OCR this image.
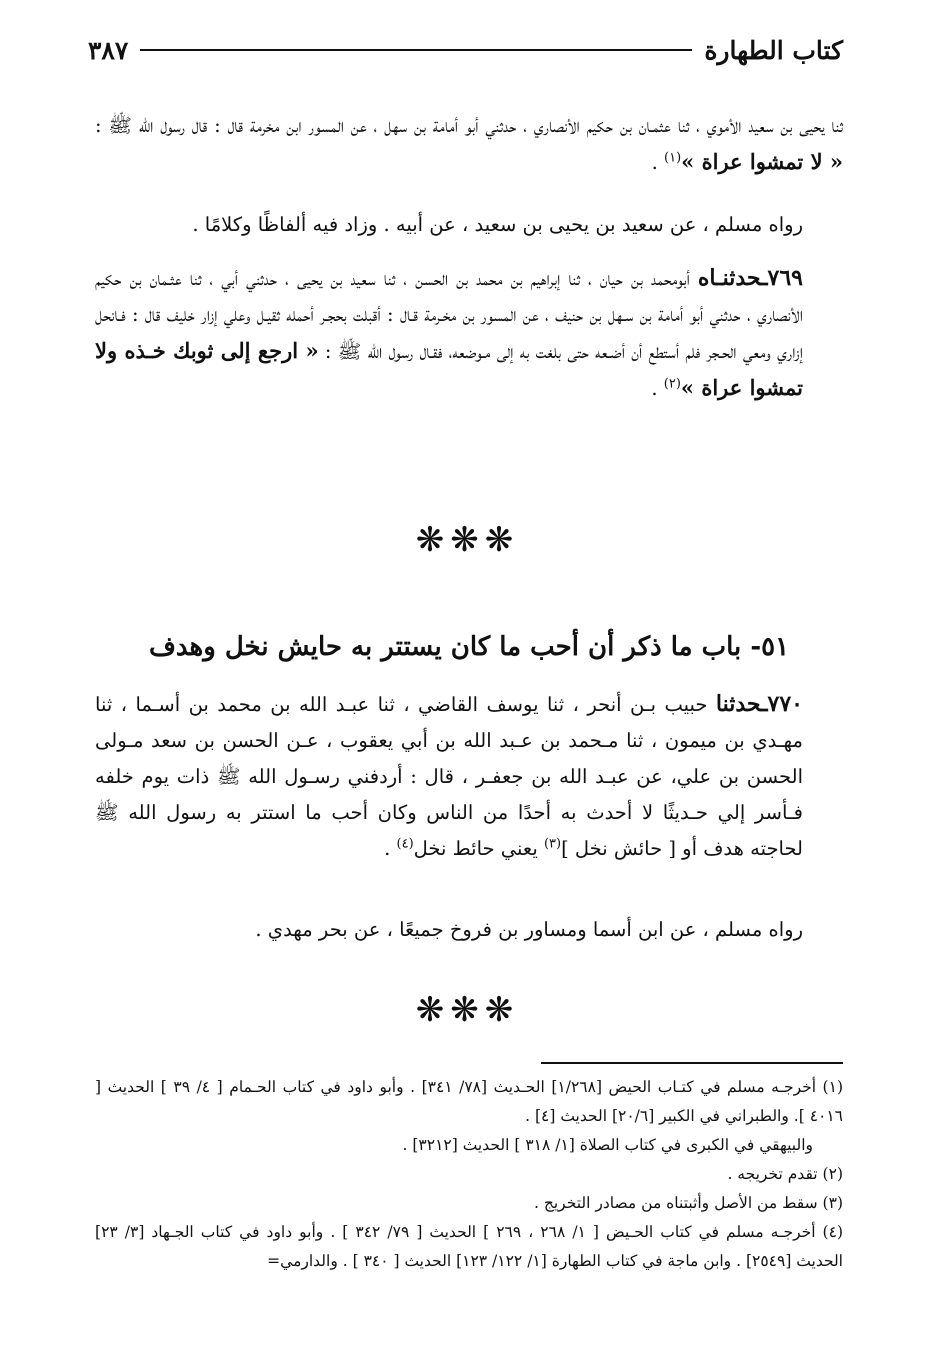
كتاب الطهارة
٣٨٧

ثنا يحيى بن سعيد الأموي ، ثنا عثمـان بن حكيم الأنصاري ، حدثني أبو أمامة بن سهل ، عن المسور ابن مخرمة قال : قال رسول الله ﷺ : « لا تمشوا عراة »$^{(١)}$ .

رواه مسلم ، عن سعيد بن يحيى بن سعيد ، عن أبيه . وزاد فيه ألفاظًا وكلامًا .

٧٦٩ـحدثنـاه أبومحمد بن حيان ، ثنا إبراهيم بن محمد بن الحسن ، ثنا سعيد بن يحيى ، حدثني أبي ، ثنا عثـمان بن حكيم الأنصاري ، حدثني أبو أمامة بن سـهل بن حنيف ، عن المسور بن مخـرمة قـال : أقبلت بحجـر أحمله ثقيـل وعلي إزار خليف قال : فـانحل إزاري ومعي الحـجر فلم أستطع أن أضـعه حتى بلغت به إلى مـوضعه، فقـال رسول الله ﷺ : « ارجع إلى ثوبك خـذه ولا تمشوا عراة »$^{(٢)}$ .

❋❋❋
٥١- باب ما ذكر أن أحب ما كان يستتر به حايش نخل وهدف

٧٧٠ـحدثنا حبيب بـن أنحر ، ثنا يوسف القاضي ، ثنا عبـد الله بن محمد بن أسـما ، ثنا مهـدي بن ميمون ، ثنا مـحمد بن عـبد الله بن أبي يعقوب ، عـن الحسن بن سعد مـولى الحسن بن علي، عن عبـد الله بن جعفـر ، قال : أردفني رسـول الله ﷺ ذات يوم خلفه فـأسر إلي حـديثًا لا أحدث به أحدًا من الناس وكان أحب ما استتر به رسول الله ﷺ لحاجته هدف أو [ حائش نخل ]$^{(٣)}$ يعني حائط نخل$^{(٤)}$ .

رواه مسلم ، عن ابن أسما ومساور بن فروخ جميعًا ، عن بحر مهدي .

❋❋❋

(١) أخرجـه مسلم في كتـاب الحيض [١/٢٦٨] الحـديث [٧٨/ ٣٤١] . وأبو داود في كتاب الحـمام [ ٤/ ٣٩ ] الحديث [ ٤٠١٦ ]. والطبراني في الكبير [٢٠/٦] الحديث [٤] .

والبيهقي في الكبرى في كتاب الصلاة [١/ ٣١٨ ] الحديث [٣٢١٢] .

(٢) تقدم تخريجه .

(٣) سقط من الأصل وأثبتناه من مصادر التخريج .

(٤) أخرجـه مسلم في كتاب الحـيض [ ١/ ٢٦٨ ، ٢٦٩ ] الحديث [ ٧٩/ ٣٤٢ ] . وأبو داود في كتاب الجـهاد [٣/ ٢٣] الحديث [٢٥٤٩] . وابن ماجة في كتاب الطهارة [١/ ١٢٢/ ١٢٣] الحديث [ ٣٤٠ ] . والدارمي=
